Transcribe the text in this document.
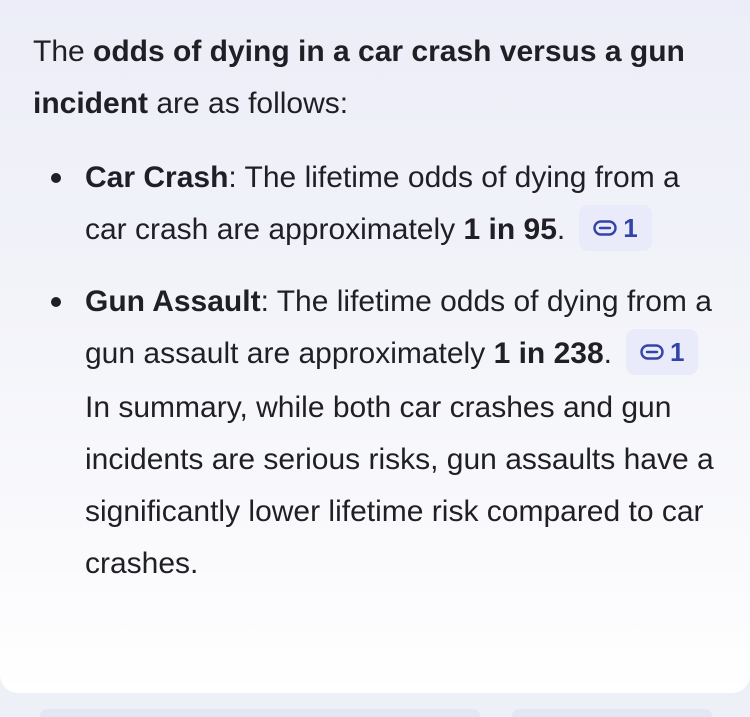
The odds of dying in a car crash versus a gun incident are as follows:

Car Crash: The lifetime odds of dying from a car crash are approximately 1 in 95. 1
Gun Assault: The lifetime odds of dying from a gun assault are approximately 1 in 238. 1

In summary, while both car crashes and gun incidents are serious risks, gun assaults have a significantly lower lifetime risk compared to car crashes.
